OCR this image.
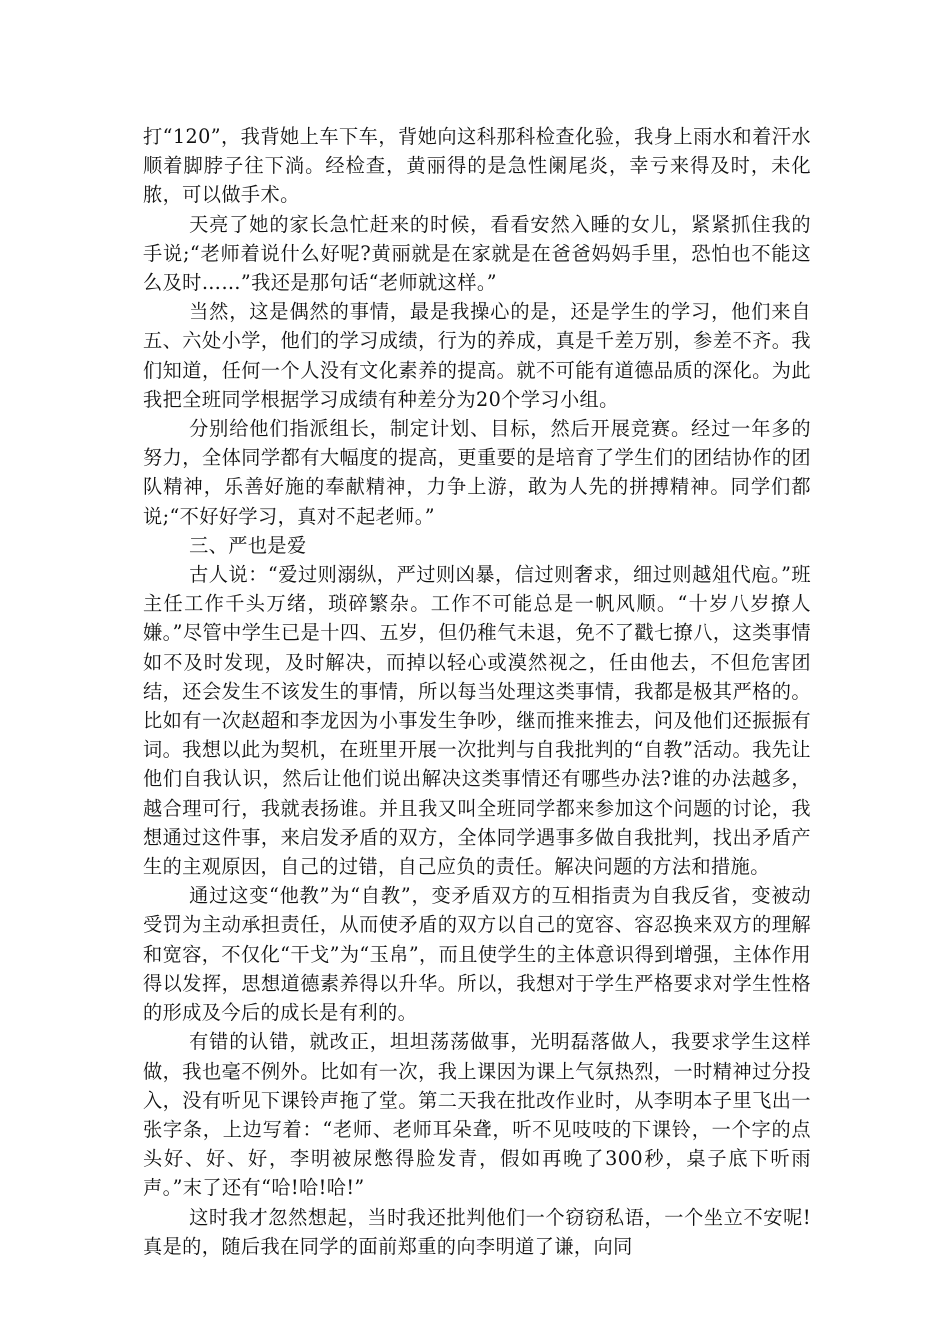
打“120”，我背她上车下车，背她向这科那科检查化验，我身上雨水和着汗水顺着脚脖子往下淌。经检查，黄丽得的是急性阑尾炎，幸亏来得及时，未化脓，可以做手术。

天亮了她的家长急忙赶来的时候，看看安然入睡的女儿，紧紧抓住我的手说;“老师着说什么好呢?黄丽就是在家就是在爸爸妈妈手里，恐怕也不能这么及时……”我还是那句话“老师就这样。”

当然，这是偶然的事情，最是我操心的是，还是学生的学习，他们来自五、六处小学，他们的学习成绩，行为的养成，真是千差万别，参差不齐。我们知道，任何一个人没有文化素养的提高。就不可能有道德品质的深化。为此我把全班同学根据学习成绩有种差分为20个学习小组。

分别给他们指派组长，制定计划、目标，然后开展竞赛。经过一年多的努力，全体同学都有大幅度的提高，更重要的是培育了学生们的团结协作的团队精神，乐善好施的奉献精神，力争上游，敢为人先的拼搏精神。同学们都说;“不好好学习，真对不起老师。”

三、严也是爱

古人说：“爱过则溺纵，严过则凶暴，信过则奢求，细过则越俎代庖。”班主任工作千头万绪，琐碎繁杂。工作不可能总是一帆风顺。“十岁八岁撩人嫌。”尽管中学生已是十四、五岁，但仍稚气未退，免不了戳七撩八，这类事情如不及时发现，及时解决，而掉以轻心或漠然视之，任由他去，不但危害团结，还会发生不该发生的事情，所以每当处理这类事情，我都是极其严格的。比如有一次赵超和李龙因为小事发生争吵，继而推来推去，问及他们还振振有词。我想以此为契机，在班里开展一次批判与自我批判的“自教”活动。我先让他们自我认识，然后让他们说出解决这类事情还有哪些办法?谁的办法越多，越合理可行，我就表扬谁。并且我又叫全班同学都来参加这个问题的讨论，我想通过这件事，来启发矛盾的双方，全体同学遇事多做自我批判，找出矛盾产生的主观原因，自己的过错，自己应负的责任。解决问题的方法和措施。

通过这变“他教”为“自教”，变矛盾双方的互相指责为自我反省，变被动受罚为主动承担责任，从而使矛盾的双方以自己的宽容、容忍换来双方的理解和宽容，不仅化“干戈”为“玉帛”，而且使学生的主体意识得到增强，主体作用得以发挥，思想道德素养得以升华。所以，我想对于学生严格要求对学生性格的形成及今后的成长是有利的。

有错的认错，就改正，坦坦荡荡做事，光明磊落做人，我要求学生这样做，我也毫不例外。比如有一次，我上课因为课上气氛热烈，一时精神过分投入，没有听见下课铃声拖了堂。第二天我在批改作业时，从李明本子里飞出一张字条，上边写着：“老师、老师耳朵聋，听不见吱吱的下课铃，一个字的点头好、好、好，李明被尿憋得脸发青，假如再晚了300秒，桌子底下听雨声。”末了还有“哈!哈!哈!”

这时我才忽然想起，当时我还批判他们一个窃窃私语，一个坐立不安呢!真是的，随后我在同学的面前郑重的向李明道了谦，向同
